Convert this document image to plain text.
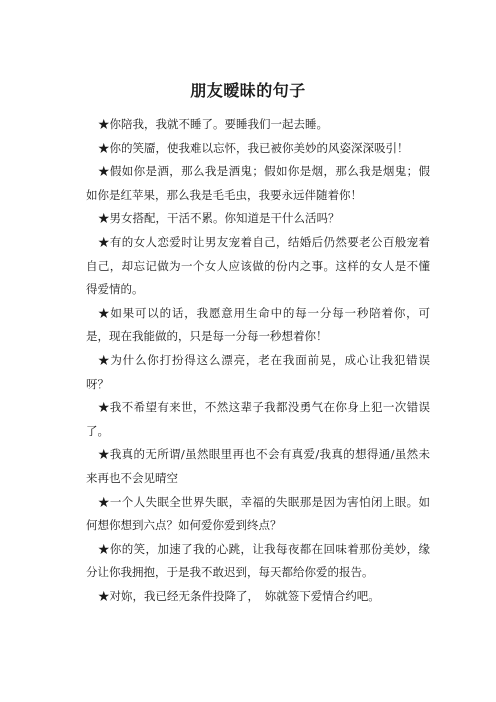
朋友暧昧的句子

★你陪我，我就不睡了。要睡我们一起去睡。

★你的笑靥，使我难以忘怀，我已被你美妙的风姿深深吸引！

★假如你是酒，那么我是酒鬼；假如你是烟，那么我是烟鬼；假如你是红苹果，那么我是毛毛虫，我要永远伴随着你！

★男女搭配，干活不累。你知道是干什么活吗？

★有的女人恋爱时让男友宠着自己，结婚后仍然要老公百般宠着自己，却忘记做为一个女人应该做的份内之事。这样的女人是不懂得爱情的。

★如果可以的话，我愿意用生命中的每一分每一秒陪着你，可是，现在我能做的，只是每一分每一秒想着你！

★为什么你打扮得这么漂亮，老在我面前晃，成心让我犯错误呀？

★我不希望有来世，不然这辈子我都没勇气在你身上犯一次错误了。

★我真的无所谓/虽然眼里再也不会有真爱/我真的想得通/虽然未来再也不会见晴空

★一个人失眠全世界失眠，幸福的失眠那是因为害怕闭上眼。如何想你想到六点？如何爱你爱到终点？

★你的笑，加速了我的心跳，让我每夜都在回味着那份美妙，缘分让你我拥抱，于是我不敢迟到，每天都给你爱的报告。

★对妳，我已经无条件投降了，　妳就签下爱情合约吧。
